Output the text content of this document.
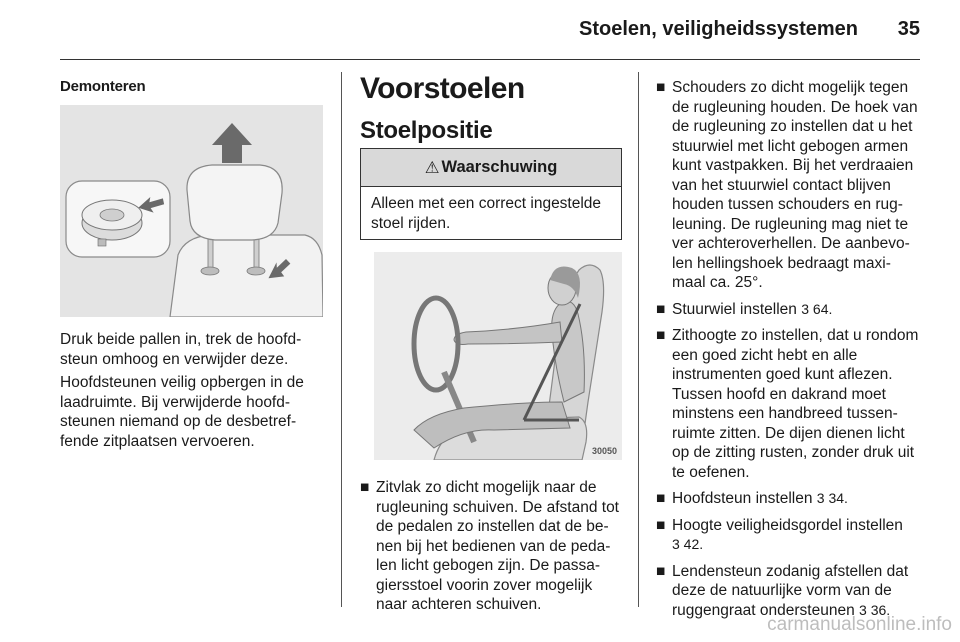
Stoelen, veiligheidssystemen 35
Demonteren
Druk beide pallen in, trek de hoofd-steun omhoog en verwijder deze.
Hoofdsteunen veilig opbergen in de laadruimte. Bij verwijderde hoofd-steunen niemand op de desbetref-fende zitplaatsen vervoeren.
Voorstoelen
Stoelpositie
⚠ Waarschuwing
Alleen met een correct ingestelde stoel rijden.
30050
■ Zitvlak zo dicht mogelijk naar de rugleuning schuiven. De afstand tot de pedalen zo instellen dat de be-nen bij het bedienen van de peda-len licht gebogen zijn. De passa-giersstoel voorin zover mogelijk naar achteren schuiven.
■ Schouders zo dicht mogelijk tegen de rugleuning houden. De hoek van de rugleuning zo instellen dat u het stuurwiel met licht gebogen armen kunt vastpakken. Bij het verdraaien van het stuurwiel contact blijven houden tussen schouders en rug-leuning. De rugleuning mag niet te ver achteroverhellen. De aanbevo-len hellingshoek bedraagt maxi-maal ca. 25°.
■ Stuurwiel instellen 3 64.
■ Zithoogte zo instellen, dat u rondom een goed zicht hebt en alle instrumenten goed kunt aflezen. Tussen hoofd en dakrand moet minstens een handbreed tussen-ruimte zitten. De dijen dienen licht op de zitting rusten, zonder druk uit te oefenen.
■ Hoofdsteun instellen 3 34.
■ Hoogte veiligheidsgordel instellen
3 42.
■ Lendensteun zodanig afstellen dat deze de natuurlijke vorm van de ruggengraat ondersteunen 3 36.
carmanualsonline.info
